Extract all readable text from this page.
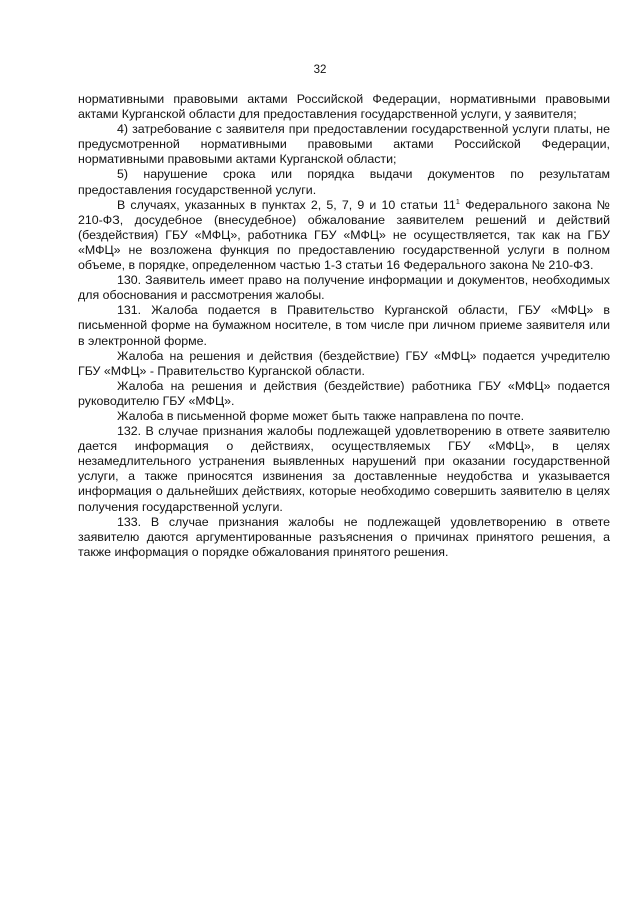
32

нормативными правовыми актами Российской Федерации, нормативными правовыми актами Курганской области для предоставления государственной услуги, у заявителя;

4) затребование с заявителя при предоставлении государственной услуги платы, не предусмотренной нормативными правовыми актами Российской Федерации, нормативными правовыми актами Курганской области;

5) нарушение срока или порядка выдачи документов по результатам предоставления государственной услуги.

В случаях, указанных в пунктах 2, 5, 7, 9 и 10 статьи $11^1$ Федерального закона № 210-ФЗ, досудебное (внесудебное) обжалование заявителем решений и действий (бездействия) ГБУ «МФЦ», работника ГБУ «МФЦ» не осуществляется, так как на ГБУ «МФЦ» не возложена функция по предоставлению государственной услуги в полном объеме, в порядке, определенном частью 1-3 статьи 16 Федерального закона № 210-ФЗ.

130. Заявитель имеет право на получение информации и документов, необходимых для обоснования и рассмотрения жалобы.

131. Жалоба подается в Правительство Курганской области, ГБУ «МФЦ» в письменной форме на бумажном носителе, в том числе при личном приеме заявителя или в электронной форме.

Жалоба на решения и действия (бездействие) ГБУ «МФЦ» подается учредителю ГБУ «МФЦ» - Правительство Курганской области.

Жалоба на решения и действия (бездействие) работника ГБУ «МФЦ» подается руководителю ГБУ «МФЦ».

Жалоба в письменной форме может быть также направлена по почте.

132. В случае признания жалобы подлежащей удовлетворению в ответе заявителю дается информация о действиях, осуществляемых ГБУ «МФЦ», в целях незамедлительного устранения выявленных нарушений при оказании государственной услуги, а также приносятся извинения за доставленные неудобства и указывается информация о дальнейших действиях, которые необходимо совершить заявителю в целях получения государственной услуги.

133. В случае признания жалобы не подлежащей удовлетворению в ответе заявителю даются аргументированные разъяснения о причинах принятого решения, а также информация о порядке обжалования принятого решения.
